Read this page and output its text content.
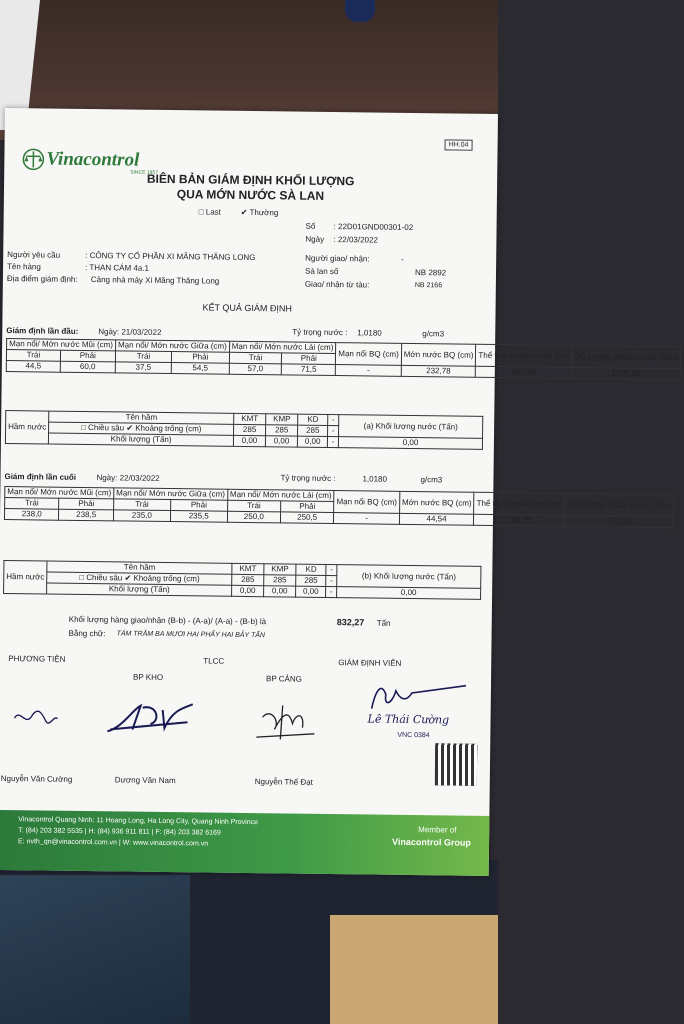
Vinacontrol
SINCE 1957
HH.04
BIÊN BẢN GIÁM ĐỊNH KHỐI LƯỢNG
QUA MỚN NƯỚC SÀ LAN
□ Last ✔ Thường
Số : 22D01GND00301-02
Ngày : 22/03/2022
Người yêu cầu	: CÔNG TY CỔ PHẦN XI MĂNG THĂNG LONG
Tên hàng	: THAN CÁM 4a.1
Địa điểm giám định: Cảng nhà máy Xi Măng Thăng Long
Người giao/ nhận:	-
Sà lan số	NB 2892
Giao/ nhận từ tàu:	NB 2166
KẾT QUẢ GIÁM ĐỊNH
Giám định lần đầu: Ngày: 21/03/2022	Tỷ trọng nước : 1,0180	g/cm3
Mạn nổi/ Mớn nước Mũi (cm)		Mạn nổi/ Mớn nước Giữa (cm)		Mạn nổi/ Mớn nước Lái (cm)		Mạn nổi BQ (cm)	Mớn nước BQ (cm)	Thể tích choán nước (m³)	(A) Lượng choán nước (Tấn)
Trái	Phải	Trái	Phải	Trái	Phải				
44,5	60,0	37,5	54,5	57,0	71,5	-	232,78	987,41	1005,18
Hầm nước	Tên hầm	KMT	KMP	KD	-	(a) Khối lượng nước (Tấn)
	□ Chiều sâu ✔ Khoảng trống (cm)	285	285	285	-	
	Khối lượng (Tấn)	0,00	0,00	0,00	-	0,00
Giám định lần cuối	Ngày: 22/03/2022	Tỷ trọng nước :	1,0180	g/cm3
Mạn nổi/ Mớn nước Mũi (cm)		Mạn nổi/ Mớn nước Giữa (cm)		Mạn nổi/ Mớn nước Lái (cm)		Mạn nổi BQ (cm)	Mớn nước BQ (cm)	Thể tích choán nước m³	(B) Lượng choán nước (Tấn)
Trái	Phải	Trái	Phải	Trái	Phải				
238,0	238,5	235,0	235,5	250,0	250,5	-	44,54	169,85	172,91
Hầm nước	Tên hầm	KMT	KMP	KD	-	(b) Khối lượng nước (Tấn)
	□ Chiều sâu ✔ Khoảng trống (cm)	285	285	285	-	
	Khối lượng (Tấn)	0,00	0,00	0,00	-	0,00
Khối lượng hàng giao/nhận (B-b) - (A-a)/ (A-a) - (B-b) là	832,27 Tấn
Bằng chữ: TÁM TRĂM BA MƯƠI HAI PHẨY HAI BẢY TẤN
PHƯƠNG TIỆN	TLCC	GIÁM ĐỊNH VIÊN
BP KHO	BP CẢNG
Lê Thái Cường
VNC 0384
Nguyễn Văn Cường	Dương Văn Nam	Nguyễn Thế Đạt
Vinacontrol Quang Ninh: 11 Hoang Long, Ha Long City, Quang Ninh Province
T: (84) 203 382 5535 | H: (84) 936 911 811 | F: (84) 203 382 6169
E: nvth_qn@vinacontrol.com.vn | W: www.vinacontrol.com.vn
Member of
Vinacontrol Group
